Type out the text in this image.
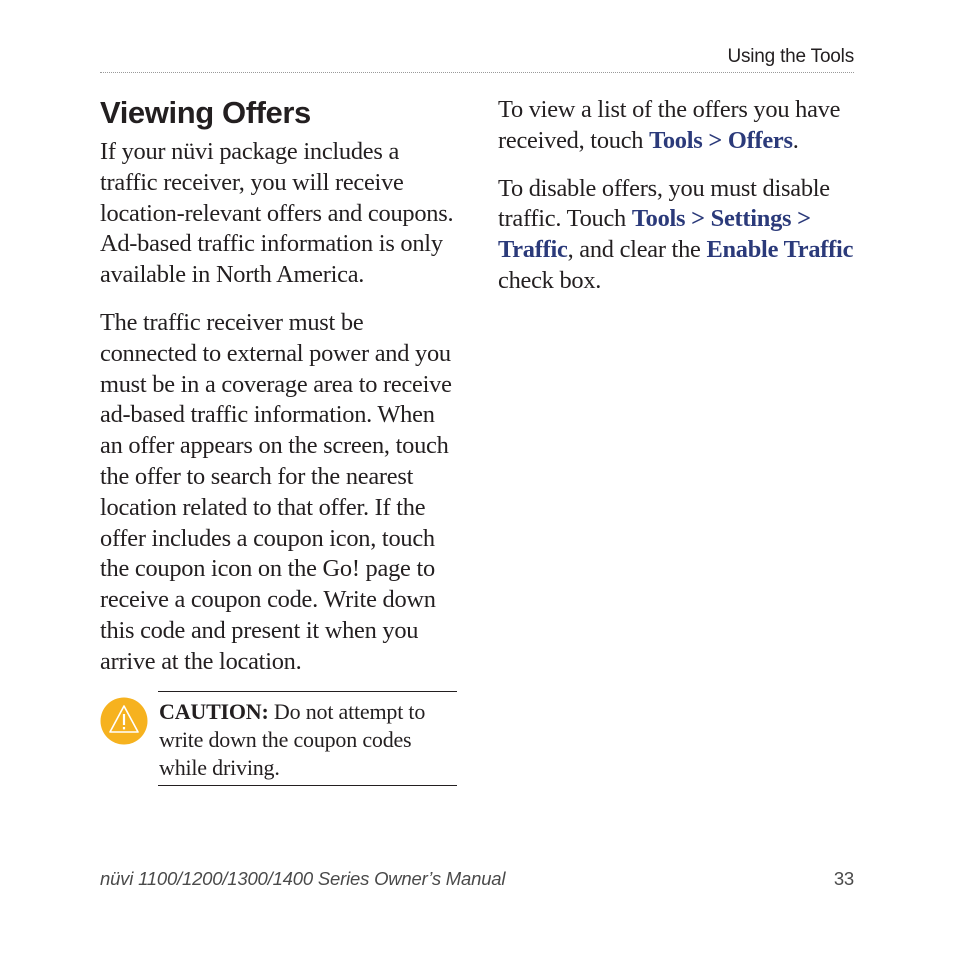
Using the Tools
Viewing Offers

If your nüvi package includes a traffic receiver, you will receive location-relevant offers and coupons. Ad-based traffic information is only available in North America.

The traffic receiver must be connected to external power and you must be in a coverage area to receive ad-based traffic information. When an offer appears on the screen, touch the offer to search for the nearest location related to that offer. If the offer includes a coupon icon, touch the coupon icon on the Go! page to receive a coupon code. Write down this code and present it when you arrive at the location.

CAUTION: Do not attempt to write down the coupon codes while driving.

To view a list of the offers you have received, touch Tools > Offers.

To disable offers, you must disable traffic. Touch Tools > Settings > Traffic, and clear the Enable Traffic check box.

nüvi 1100/1200/1300/1400 Series Owner’s Manual	33
